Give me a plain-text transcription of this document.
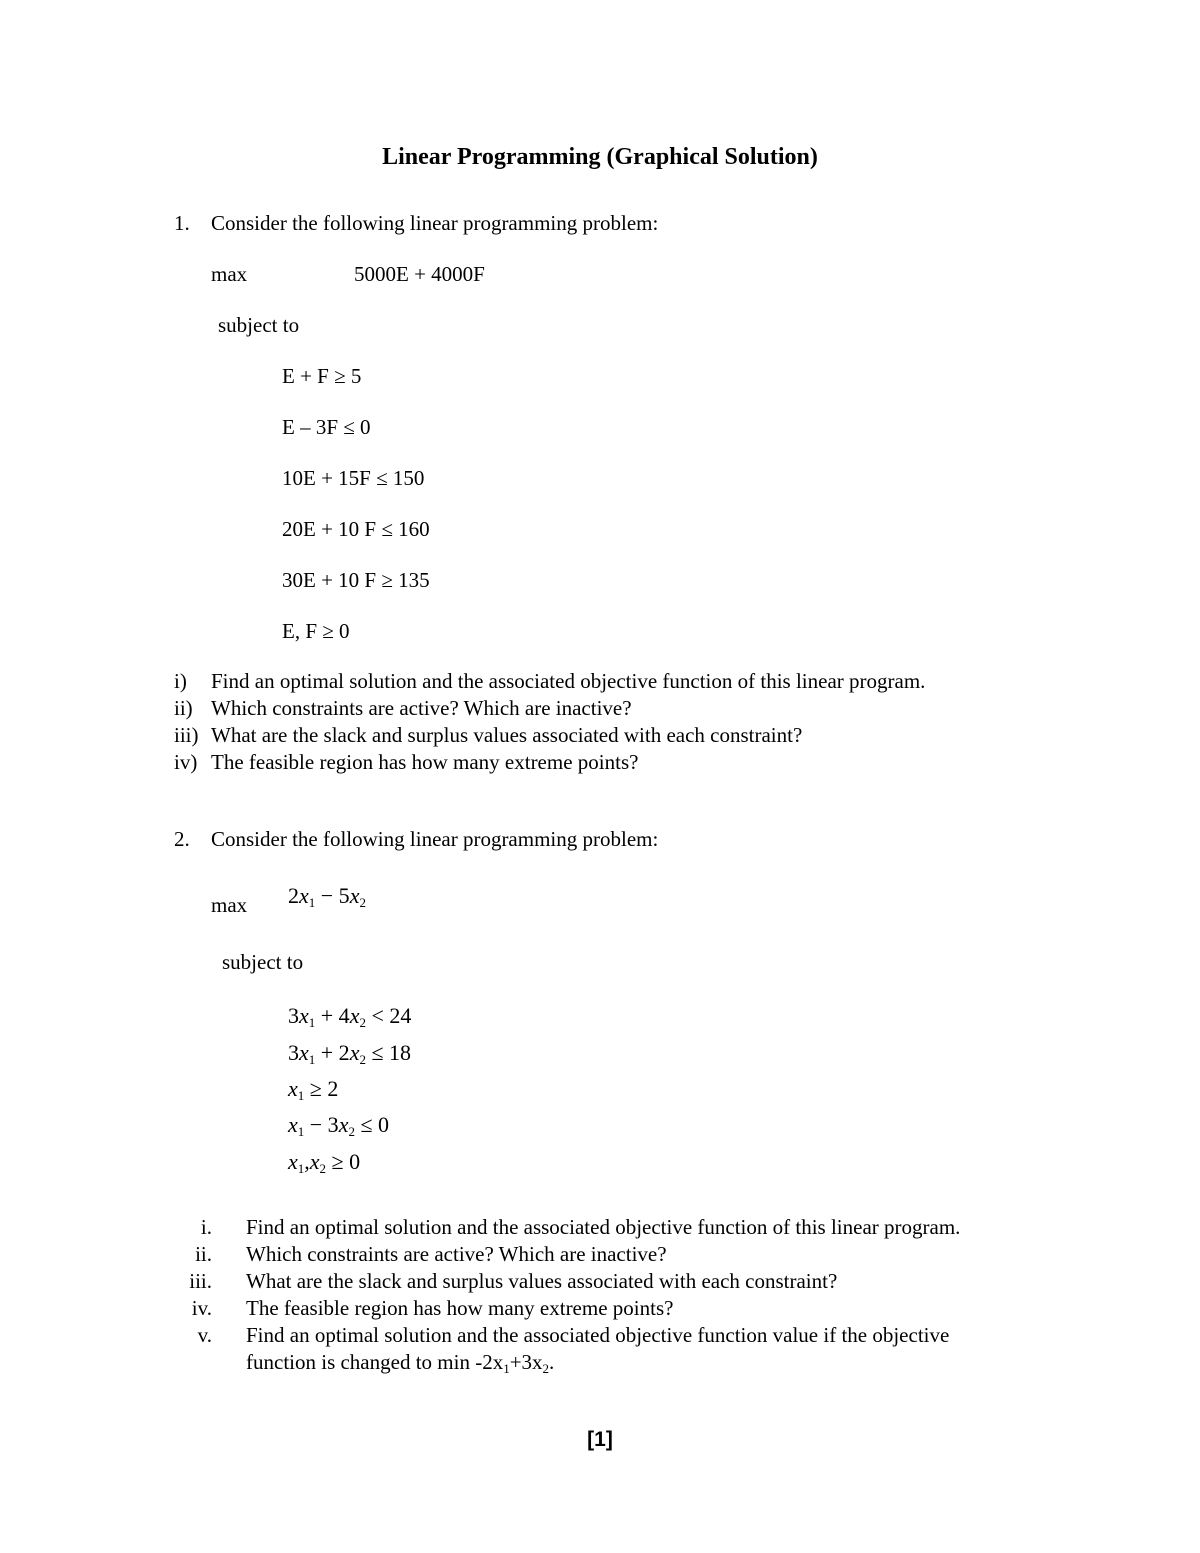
Linear Programming (Graphical Solution)
1. Consider the following linear programming problem:
max	5000E + 4000F
subject to
E + F ≥ 5
E – 3F ≤ 0
10E + 15F ≤ 150
20E + 10 F ≤ 160
30E + 10 F ≥ 135
E, F ≥ 0
i) Find an optimal solution and the associated objective function of this linear program.
ii) Which constraints are active? Which are inactive?
iii) What are the slack and surplus values associated with each constraint?
iv) The feasible region has how many extreme points?
2. Consider the following linear programming problem:
$\max 2x_1 - 5x_2$
subject to
$3x_1 + 4x_2 < 24$
$3x_1 + 2x_2 \le 18$
$x_1 \ge 2$
$x_1 - 3x_2 \le 0$
$x_1,x_2 \ge 0$
i. Find an optimal solution and the associated objective function of this linear program.
ii. Which constraints are active? Which are inactive?
iii. What are the slack and surplus values associated with each constraint?
iv. The feasible region has how many extreme points?
v. Find an optimal solution and the associated objective function value if the objective
function is changed to $\min -2x_1+3x_2$.
[1]
